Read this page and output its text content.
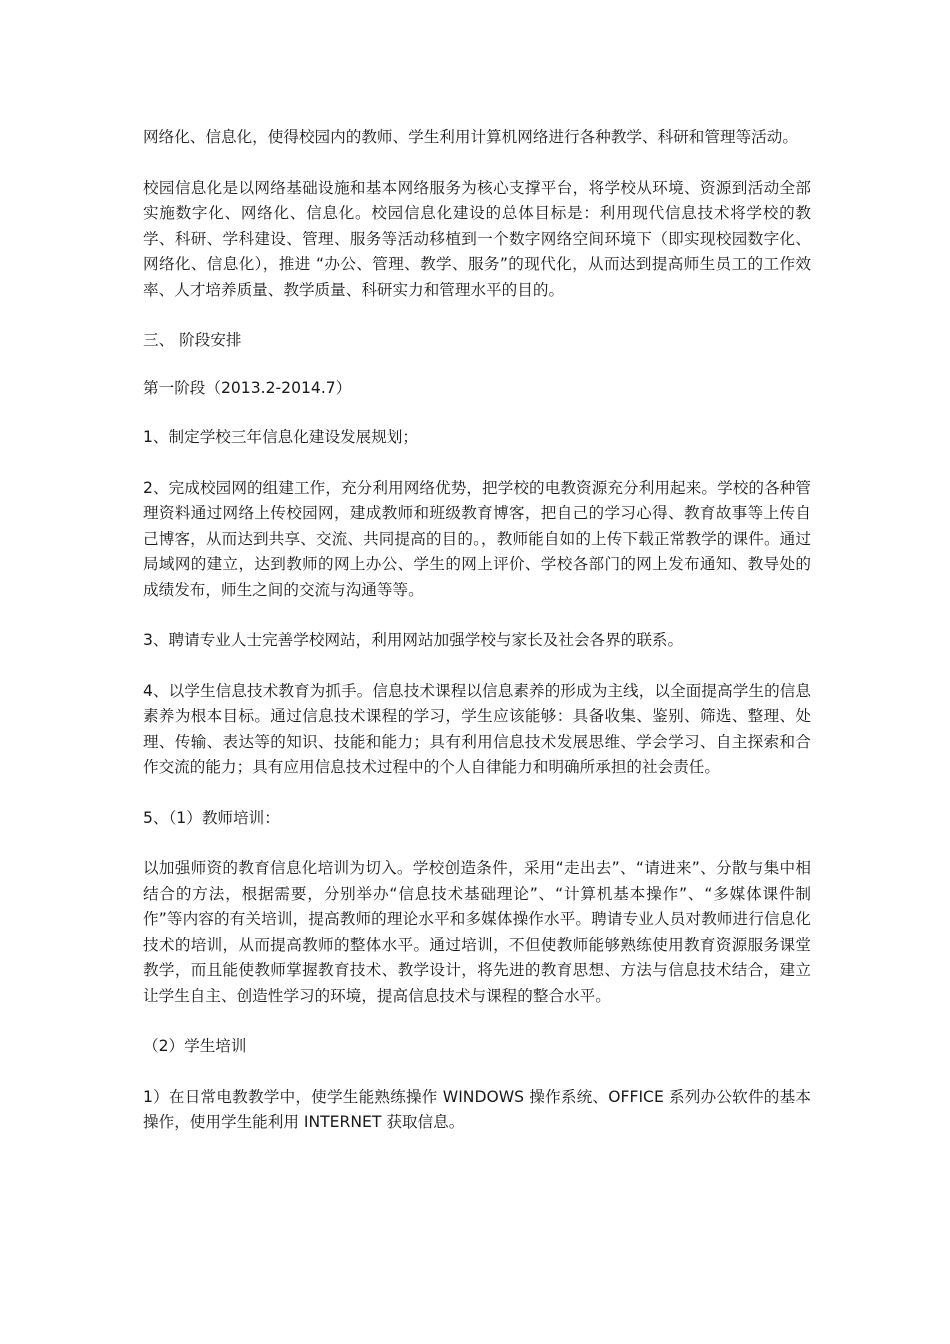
网络化、信息化，使得校园内的教师、学生利用计算机网络进行各种教学、科研和管理等活动。

校园信息化是以网络基础设施和基本网络服务为核心支撑平台，将学校从环境、资源到活动全部实施数字化、网络化、信息化。校园信息化建设的总体目标是：利用现代信息技术将学校的教学、科研、学科建设、管理、服务等活动移植到一个数字网络空间环境下（即实现校园数字化、网络化、信息化），推进 “办公、管理、教学、服务”的现代化，从而达到提高师生员工的工作效率、人才培养质量、教学质量、科研实力和管理水平的目的。

三、 阶段安排

第一阶段（2013.2-2014.7）

1、制定学校三年信息化建设发展规划；

2、完成校园网的组建工作，充分利用网络优势，把学校的电教资源充分利用起来。学校的各种管理资料通过网络上传校园网，建成教师和班级教育博客，把自己的学习心得、教育故事等上传自己博客，从而达到共享、交流、共同提高的目的。，教师能自如的上传下载正常教学的课件。通过局域网的建立，达到教师的网上办公、学生的网上评价、学校各部门的网上发布通知、教导处的成绩发布，师生之间的交流与沟通等等。

3、聘请专业人士完善学校网站，利用网站加强学校与家长及社会各界的联系。

4、以学生信息技术教育为抓手。信息技术课程以信息素养的形成为主线，以全面提高学生的信息素养为根本目标。通过信息技术课程的学习，学生应该能够：具备收集、鉴别、筛选、整理、处理、传输、表达等的知识、技能和能力；具有利用信息技术发展思维、学会学习、自主探索和合作交流的能力；具有应用信息技术过程中的个人自律能力和明确所承担的社会责任。

5、（1）教师培训：

以加强师资的教育信息化培训为切入。学校创造条件，采用“走出去”、“请进来”、分散与集中相结合的方法，根据需要，分别举办“信息技术基础理论”、“计算机基本操作”、“多媒体课件制作”等内容的有关培训，提高教师的理论水平和多媒体操作水平。聘请专业人员对教师进行信息化技术的培训，从而提高教师的整体水平。通过培训，不但使教师能够熟练使用教育资源服务课堂教学，而且能使教师掌握教育技术、教学设计，将先进的教育思想、方法与信息技术结合，建立让学生自主、创造性学习的环境，提高信息技术与课程的整合水平。

（2）学生培训

1）在日常电教教学中，使学生能熟练操作 WINDOWS 操作系统、OFFICE 系列办公软件的基本操作，使用学生能利用 INTERNET 获取信息。
